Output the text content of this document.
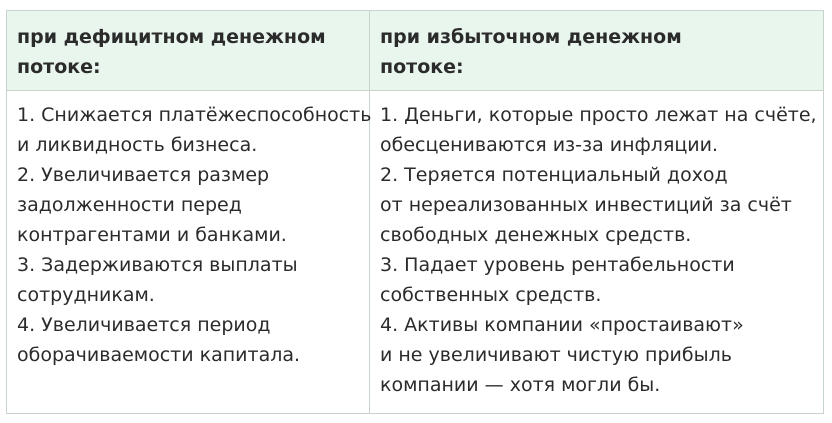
при дефицитном денежном
потоке:
при избыточном денежном
потоке:
1. Снижается платёжеспособность
и ликвидность бизнеса.
2. Увеличивается размер
задолженности перед
контрагентами и банками.
3. Задерживаются выплаты
сотрудникам.
4. Увеличивается период
оборачиваемости капитала.
1. Деньги, которые просто лежат на счёте,
обесцениваются из-за инфляции.
2. Теряется потенциальный доход
от нереализованных инвестиций за счёт
свободных денежных средств.
3. Падает уровень рентабельности
собственных средств.
4. Активы компании «простаивают»
и не увеличивают чистую прибыль
компании — хотя могли бы.
